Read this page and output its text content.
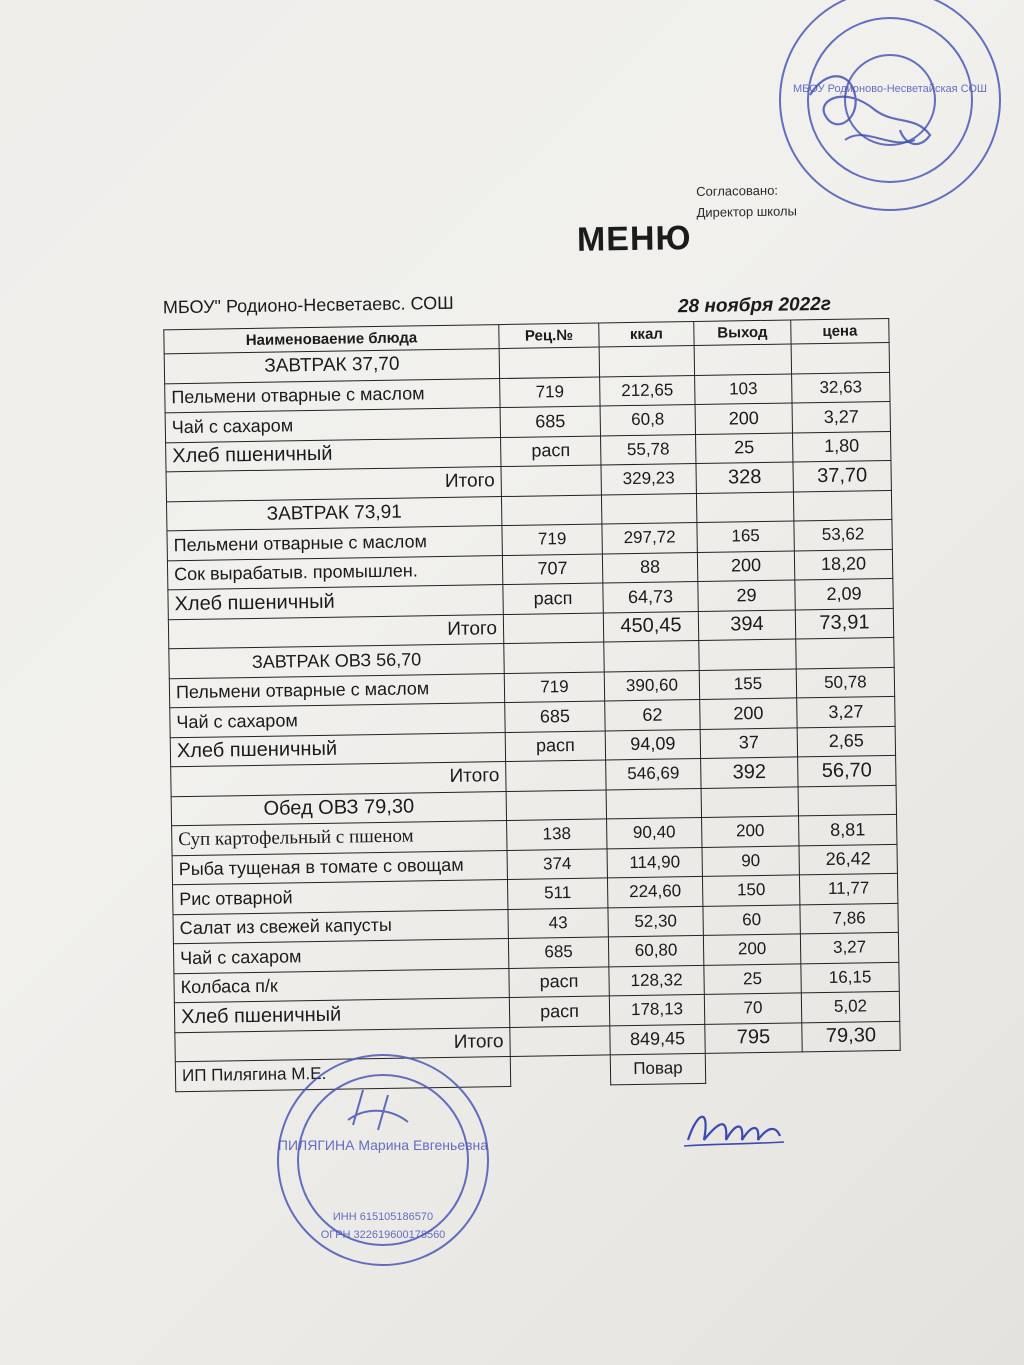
Согласовано:
Директор школы
МЕНЮ
МБОУ" Родионо-Несветаевс. СОШ	28 ноября 2022г
Наименоваение блюда	Рец.№	ккал	Выход	цена
ЗАВТРАК 37,70				
Пельмени отварные с маслом	719	212,65	103	32,63
Чай с сахаром	685	60,8	200	3,27
Хлеб пшеничный	расп	55,78	25	1,80
Итого		329,23	328	37,70
ЗАВТРАК 73,91				
Пельмени отварные с маслом	719	297,72	165	53,62
Сок вырабатыв. промышлен.	707	88	200	18,20
Хлеб пшеничный	расп	64,73	29	2,09
Итого		450,45	394	73,91
ЗАВТРАК ОВЗ 56,70				
Пельмени отварные с маслом	719	390,60	155	50,78
Чай с сахаром	685	62	200	3,27
Хлеб пшеничный	расп	94,09	37	2,65
Итого		546,69	392	56,70
Обед ОВЗ 79,30				
Суп картофельный с пшеном	138	90,40	200	8,81
Рыба тущеная в томате с овощам	374	114,90	90	26,42
Рис отварной	511	224,60	150	11,77
Салат из свежей капусты	43	52,30	60	7,86
Чай с сахаром	685	60,80	200	3,27
Колбаса п/к	расп	128,32	25	16,15
Хлеб пшеничный	расп	178,13	70	5,02
Итого		849,45	795	79,30
ИП Пилягина М.Е.		Повар		
МБОУ Родионово-Несветайская СОШ
ПИЛЯГИНА Марина Евгеньевна
ИНН 615105186570
ОГРН 322619600178560
